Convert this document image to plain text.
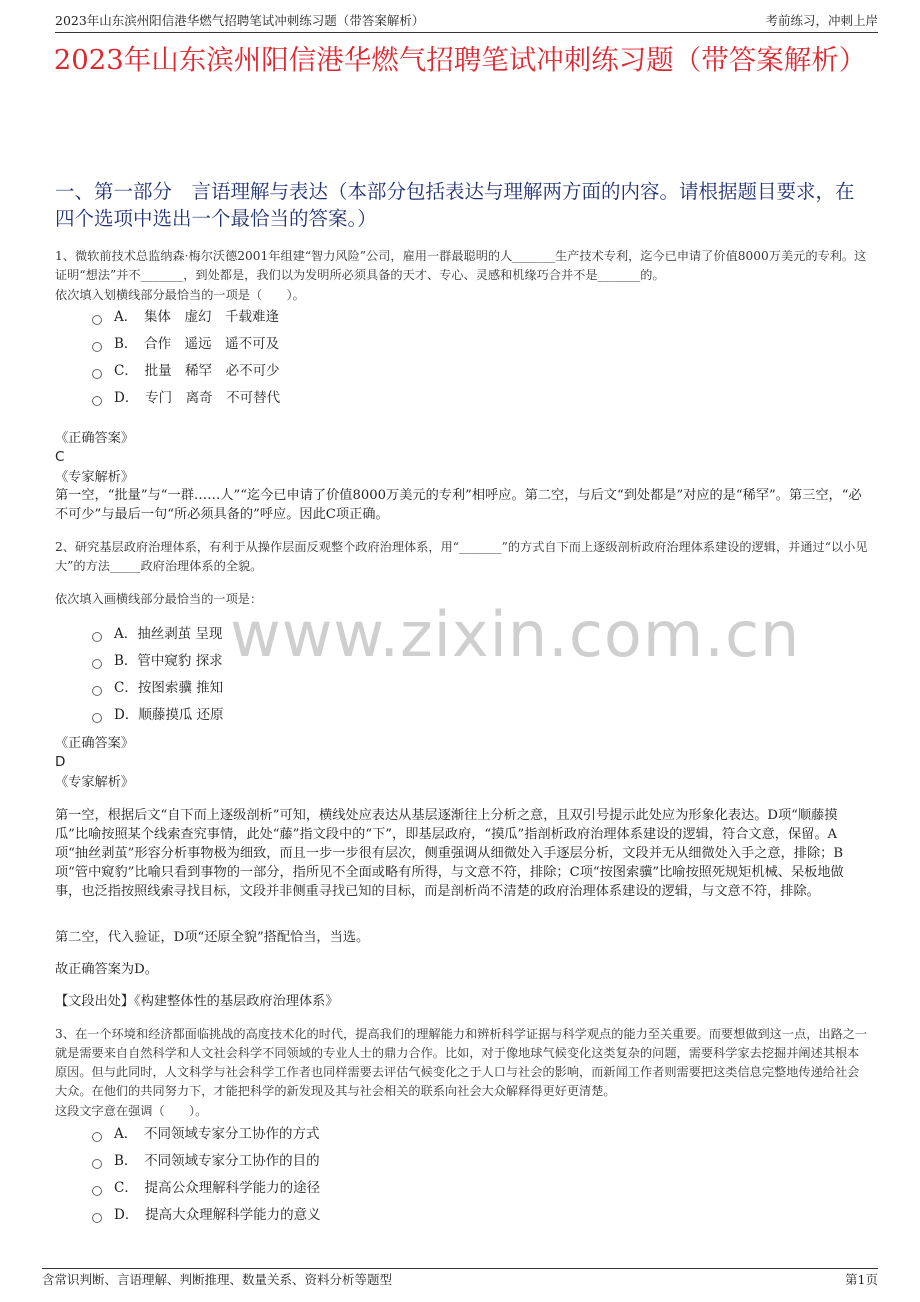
2023年山东滨州阳信港华燃气招聘笔试冲刺练习题（带答案解析）	考前练习，冲刺上岸
2023年山东滨州阳信港华燃气招聘笔试冲刺练习题（带答案解析）
一、第一部分　言语理解与表达（本部分包括表达与理解两方面的内容。请根据题目要求，在四个选项中选出一个最恰当的答案。）
1、微软前技术总监纳森·梅尔沃德2001年组建“智力风险”公司，雇用一群最聪明的人_______生产技术专利，迄今已申请了价值8000万美元的专利。这证明“想法”并不_______，到处都是，我们以为发明所必须具备的天才、专心、灵感和机缘巧合并不是_______的。
依次填入划横线部分最恰当的一项是（　　）。
A．　集体　虚幻　千载难逢
B．　合作　遥远　遥不可及
C．　批量　稀罕　必不可少
D．　专门　离奇　不可替代
《正确答案》
C
《专家解析》
第一空，“批量”与“一群……人”“迄今已申请了价值8000万美元的专利”相呼应。第二空，与后文“到处都是”对应的是“稀罕”。第三空，“必不可少”与最后一句“所必须具备的”呼应。因此C项正确。
2、研究基层政府治理体系，有利于从操作层面反观整个政府治理体系，用“_______”的方式自下而上逐级剖析政府治理体系建设的逻辑，并通过“以小见大”的方法_____政府治理体系的全貌。
依次填入画横线部分最恰当的一项是：
A．抽丝剥茧 呈现
B．管中窥豹 探求
C．按图索骥 推知
D．顺藤摸瓜 还原
www.zixin.com.cn
《正确答案》
D
《专家解析》
第一空，根据后文“自下而上逐级剖析”可知，横线处应表达从基层逐渐往上分析之意，且双引号提示此处应为形象化表达。D项“顺藤摸瓜”比喻按照某个线索查究事情，此处“藤”指文段中的“下”，即基层政府，“摸瓜”指剖析政府治理体系建设的逻辑，符合文意，保留。A项“抽丝剥茧”形容分析事物极为细致，而且一步一步很有层次，侧重强调从细微处入手逐层分析，文段并无从细微处入手之意，排除；B项“管中窥豹”比喻只看到事物的一部分，指所见不全面或略有所得，与文意不符，排除；C项“按图索骥”比喻按照死规矩机械、呆板地做事，也泛指按照线索寻找目标，文段并非侧重寻找已知的目标，而是剖析尚不清楚的政府治理体系建设的逻辑，与文意不符，排除。
第二空，代入验证，D项“还原全貌”搭配恰当，当选。
故正确答案为D。
【文段出处】《构建整体性的基层政府治理体系》
3、在一个环境和经济都面临挑战的高度技术化的时代，提高我们的理解能力和辨析科学证据与科学观点的能力至关重要。而要想做到这一点，出路之一就是需要来自自然科学和人文社会科学不同领域的专业人士的鼎力合作。比如，对于像地球气候变化这类复杂的问题，需要科学家去挖掘并阐述其根本原因。但与此同时，人文科学与社会科学工作者也同样需要去评估气候变化之于人口与社会的影响，而新闻工作者则需要把这类信息完整地传递给社会大众。在他们的共同努力下，才能把科学的新发现及其与社会相关的联系向社会大众解释得更好更清楚。
这段文字意在强调（　　）。
A．　不同领域专家分工协作的方式
B．　不同领域专家分工协作的目的
C．　提高公众理解科学能力的途径
D．　提高大众理解科学能力的意义
含常识判断、言语理解、判断推理、数量关系、资料分析等题型	第1页
